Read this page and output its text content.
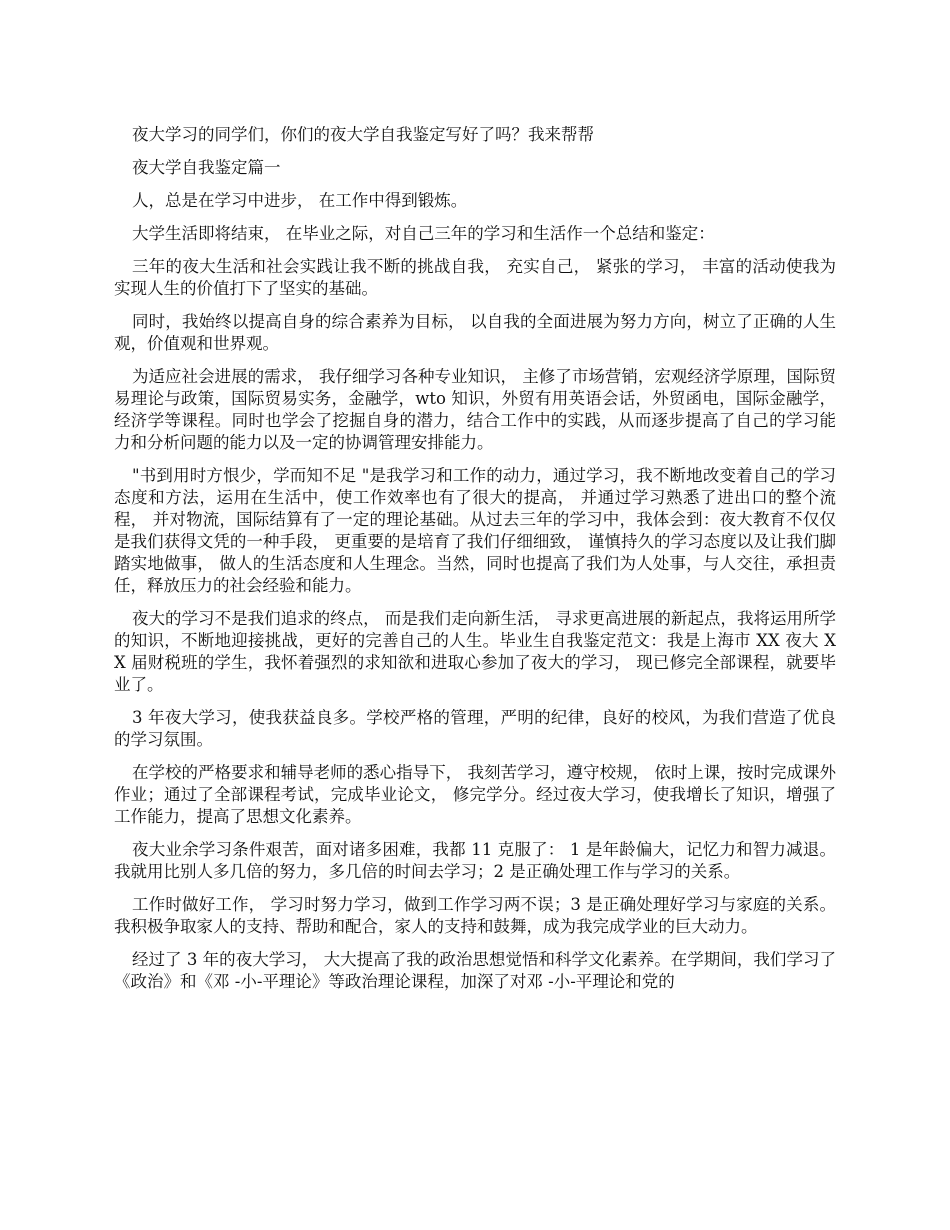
夜大学习的同学们，你们的夜大学自我鉴定写好了吗？我来帮帮

夜大学自我鉴定篇一

人，总是在学习中进步， 在工作中得到锻炼。

大学生活即将结束， 在毕业之际，对自己三年的学习和生活作一个总结和鉴定：

三年的夜大生活和社会实践让我不断的挑战自我， 充实自己， 紧张的学习， 丰富的活动使我为实现人生的价值打下了坚实的基础。

同时，我始终以提高自身的综合素养为目标， 以自我的全面进展为努力方向，树立了正确的人生观，价值观和世界观。

为适应社会进展的需求， 我仔细学习各种专业知识， 主修了市场营销，宏观经济学原理，国际贸易理论与政策，国际贸易实务，金融学，wto 知识，外贸有用英语会话，外贸函电，国际金融学，经济学等课程。同时也学会了挖掘自身的潜力，结合工作中的实践，从而逐步提高了自己的学习能力和分析问题的能力以及一定的协调管理安排能力。

"书到用时方恨少，学而知不足 "是我学习和工作的动力，通过学习，我不断地改变着自己的学习态度和方法，运用在生活中，使工作效率也有了很大的提高， 并通过学习熟悉了进出口的整个流程， 并对物流，国际结算有了一定的理论基础。从过去三年的学习中，我体会到：夜大教育不仅仅是我们获得文凭的一种手段， 更重要的是培育了我们仔细细致， 谨慎持久的学习态度以及让我们脚踏实地做事， 做人的生活态度和人生理念。当然，同时也提高了我们为人处事，与人交往，承担责任，释放压力的社会经验和能力。

夜大的学习不是我们追求的终点， 而是我们走向新生活， 寻求更高进展的新起点，我将运用所学的知识，不断地迎接挑战，更好的完善自己的人生。毕业生自我鉴定范文：我是上海市 XX 夜大 XX 届财税班的学生，我怀着强烈的求知欲和进取心参加了夜大的学习， 现已修完全部课程，就要毕业了。

3 年夜大学习，使我获益良多。学校严格的管理，严明的纪律，良好的校风，为我们营造了优良的学习氛围。

在学校的严格要求和辅导老师的悉心指导下， 我刻苦学习，遵守校规， 依时上课，按时完成课外作业；通过了全部课程考试，完成毕业论文， 修完学分。经过夜大学习，使我增长了知识，增强了工作能力，提高了思想文化素养。

夜大业余学习条件艰苦，面对诸多困难，我都 11 克服了： 1 是年龄偏大，记忆力和智力减退。我就用比别人多几倍的努力，多几倍的时间去学习；2 是正确处理工作与学习的关系。

工作时做好工作， 学习时努力学习，做到工作学习两不误；3 是正确处理好学习与家庭的关系。我积极争取家人的支持、帮助和配合，家人的支持和鼓舞，成为我完成学业的巨大动力。

经过了 3 年的夜大学习， 大大提高了我的政治思想觉悟和科学文化素养。在学期间，我们学习了《政治》和《邓 -小-平理论》等政治理论课程，加深了对邓 -小-平理论和党的
